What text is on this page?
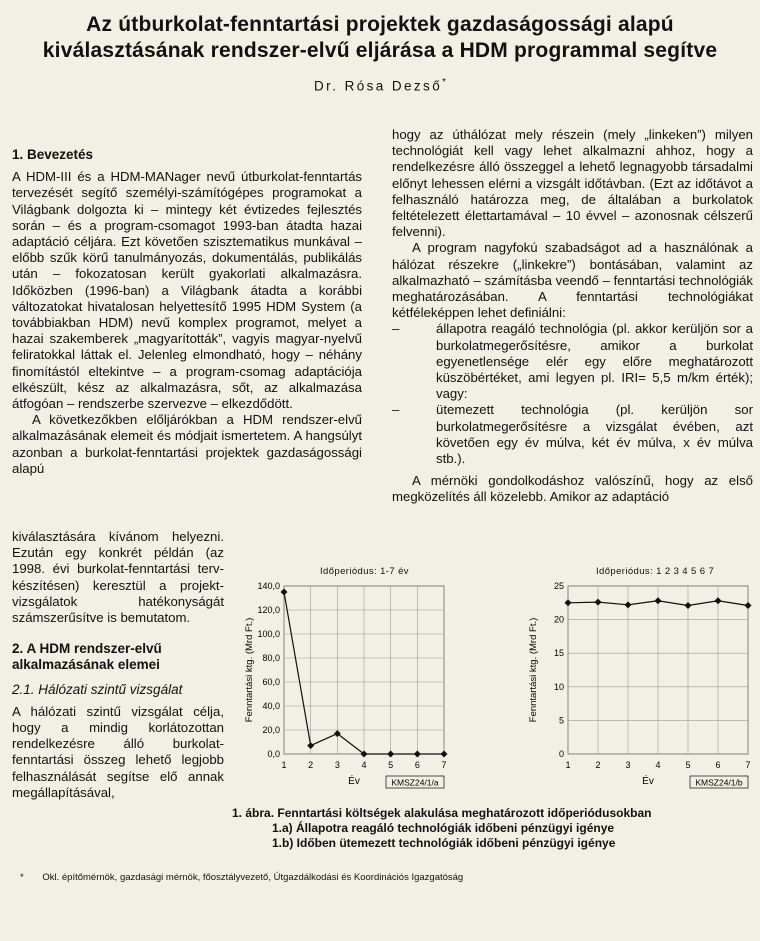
Az útburkolat-fenntartási projektek gazdaságossági alapú
kiválasztásának rendszer-elvű eljárása a HDM programmal segítve
Dr. Rósa Dezső*
1. Bevezetés

A HDM-III és a HDM-MANager nevű útburkolat-fenntartás tervezését segítő személyi-számítógépes programokat a Világbank dolgozta ki – mintegy két évtizedes fejlesztés során – és a program-csomagot 1993-ban átadta hazai adaptáció céljára. Ezt követően szisztematikus munkával – előbb szűk körű tanulmányozás, dokumentálás, publikálás után – fokozatosan került gyakorlati alkalmazásra. Időközben (1996-ban) a Világbank átadta a korábbi változatokat hivatalosan helyettesítő 1995 HDM System (a továbbiakban HDM) nevű komplex programot, melyet a hazai szakemberek „magyarították”, vagyis magyar-nyelvű feliratokkal láttak el. Jelenleg elmondható, hogy – néhány finomítástól eltekintve – a program-csomag adaptációja elkészült, kész az alkalmazásra, sőt, az alkalmazása átfogóan – rendszerbe szervezve – elkezdődött.

A következőkben előljárókban a HDM rendszer-elvű alkalmazásának elemeit és módjait ismertetem. A hangsúlyt azonban a burkolat-fenntartási projektek gazdaságossági alapú

kiválasztására kívánom helyezni. Ezután egy konkrét példán (az 1998. évi burkolat-fenntartási terv-készítésen) keresztül a projekt-vizsgálatok hatékonyságát számszerűsítve is bemutatom.

2. A HDM rendszer-elvű alkalmazásának elemei
2.1. Hálózati szintű vizsgálat

A hálózati szintű vizsgálat célja, hogy a mindig korlátozottan rendelkezésre álló burkolat-fenntartási összeg lehető legjobb felhasználását segítse elő annak megállapításával,

hogy az úthálózat mely részein (mely „linkeken”) milyen technológiát kell vagy lehet alkalmazni ahhoz, hogy a rendelkezésre álló összeggel a lehető legnagyobb társadalmi előnyt lehessen elérni a vizsgált időtávban. (Ezt az időtávot a felhasználó határozza meg, de általában a burkolatok feltételezett élettartamával – 10 évvel – azonosnak célszerű felvenni).

A program nagyfokú szabadságot ad a használónak a hálózat részekre („linkekre”) bontásában, valamint az alkalmazható – számításba veendő – fenntartási technológiák meghatározásában. A fenntartási technológiákat kétféleképpen lehet definiálni:

–	állapotra reagáló technológia (pl. akkor kerüljön sor a burkolatmegerősítésre, amikor a burkolat egyenetlensége elér egy előre meghatározott küszöbértéket, ami legyen pl. IRI= 5,5 m/km érték); vagy:
–	ütemezett technológia (pl. kerüljön sor burkolatmegerősítésre a vizsgálat évében, azt követően egy év múlva, két év múlva, x év múlva stb.).

A mérnöki gondolkodáshoz valószínű, hogy az első megközelítés áll közelebb. Amikor az adaptáció

Időperiódus: 1-7 év	Időperiódus: 1 2 3 4 5 6 7
0,0
20,0
40,0
60,0
80,0
100,0
120,0
140,0
1 2 3 4 5 6 7
Fenntartási ktg. (Mrd Ft.)
Év	KMSZ24/1/a
0
5
10
15
20
25
1	2	3	4	5	6	7
Fenntartási ktg. (Mrd Ft.)
Év	KMSZ24/1/b
1. ábra. Fenntartási költségek alakulása meghatározott időperiódusokban
1.a) Állapotra reagáló technológiák időbeni pénzügyi igénye
1.b) Időben ütemezett technológiák időbeni pénzügyi igénye
* Okl. építőmérnök, gazdasági mérnök, főosztályvezető, Útgazdálkodási és Koordinációs Igazgatóság
